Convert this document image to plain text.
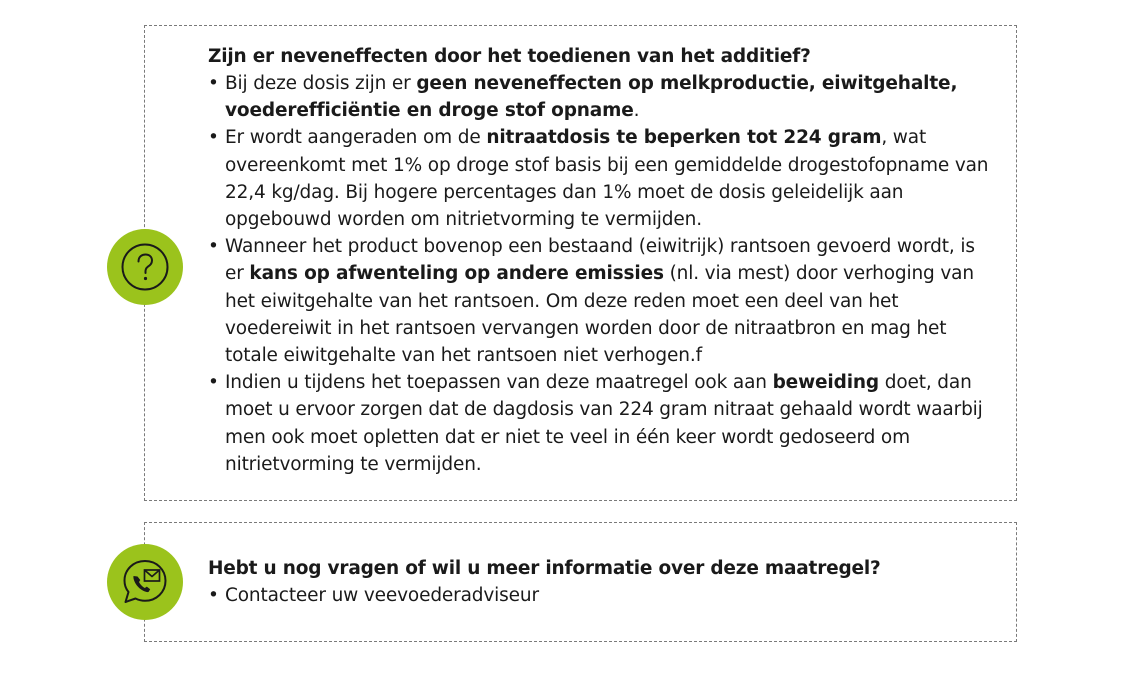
Zijn er neveneffecten door het toedienen van het additief?

• Bij deze dosis zijn er geen neveneffecten op melkproductie, eiwitgehalte, voederefficiëntie en droge stof opname.
• Er wordt aangeraden om de nitraatdosis te beperken tot 224 gram, wat overeenkomt met 1% op droge stof basis bij een gemiddelde drogestofopname van 22,4 kg/dag. Bij hogere percentages dan 1% moet de dosis geleidelijk aan opgebouwd worden om nitrietvorming te vermijden.
• Wanneer het product bovenop een bestaand (eiwitrijk) rantsoen gevoerd wordt, is er kans op afwenteling op andere emissies (nl. via mest) door verhoging van het eiwitgehalte van het rantsoen. Om deze reden moet een deel van het voedereiwit in het rantsoen vervangen worden door de nitraatbron en mag het totale eiwitgehalte van het rantsoen niet verhogen.f
• Indien u tijdens het toepassen van deze maatregel ook aan beweiding doet, dan moet u ervoor zorgen dat de dagdosis van 224 gram nitraat gehaald wordt waarbij men ook moet opletten dat er niet te veel in één keer wordt gedoseerd om nitrietvorming te vermijden.

Hebt u nog vragen of wil u meer informatie over deze maatregel?

• Contacteer uw veevoederadviseur
